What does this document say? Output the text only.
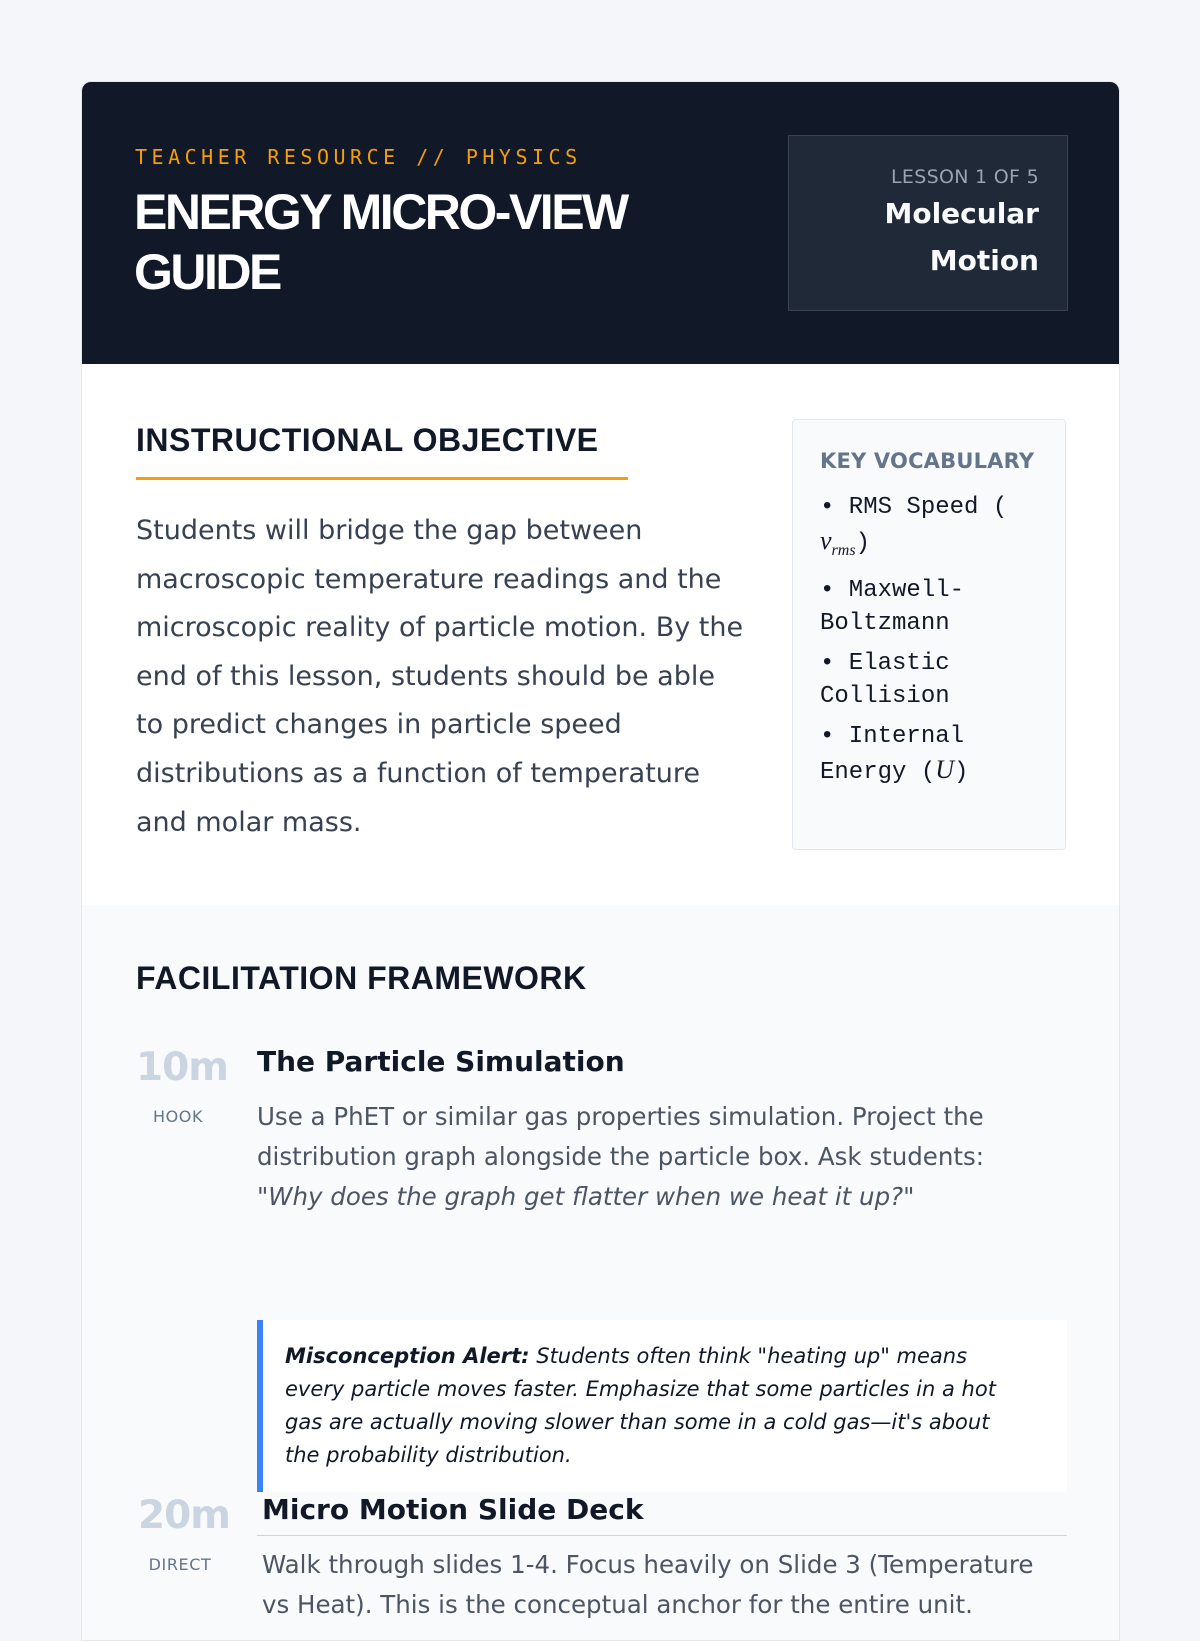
TEACHER RESOURCE // PHYSICS
ENERGY MICRO-VIEW GUIDE
LESSON 1 OF 5
Molecular
Motion
INSTRUCTIONAL OBJECTIVE
Students will bridge the gap between macroscopic temperature readings and the microscopic reality of particle motion. By the end of this lesson, students should be able to predict changes in particle speed distributions as a function of temperature and molar mass.
KEY VOCABULARY
• RMS Speed (
$v_{rms}$)
• Maxwell-Boltzmann
• Elastic Collision
• Internal Energy (U)
FACILITATION FRAMEWORK
10m
HOOK
The Particle Simulation
Use a PhET or similar gas properties simulation. Project the distribution graph alongside the particle box. Ask students: "Why does the graph get flatter when we heat it up?"
Misconception Alert: Students often think "heating up" means every particle moves faster. Emphasize that some particles in a hot gas are actually moving slower than some in a cold gas—it's about the probability distribution.
20m
DIRECT
Micro Motion Slide Deck
Walk through slides 1-4. Focus heavily on Slide 3 (Temperature vs Heat). This is the conceptual anchor for the entire unit.
